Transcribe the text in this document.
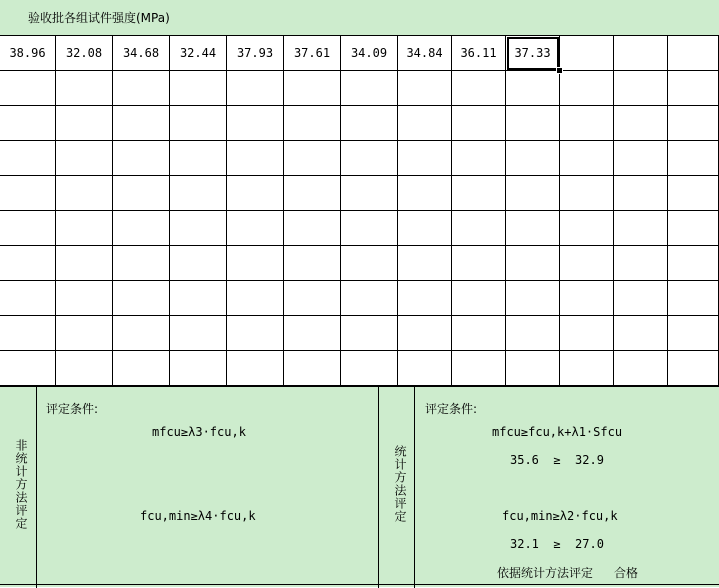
验收批各组试件强度(MPa)
38.96	32.08	34.68	32.44	37.93	37.61	34.09	34.84	36.11	37.33
非统计方法评定
评定条件:
mfcu≥λ3·fcu,k
fcu,min≥λ4·fcu,k	统计方法评定
评定条件:
mfcu≥fcu,k+λ1·Sfcu
35.6  ≥  32.9
fcu,min≥λ2·fcu,k
32.1  ≥  27.0
依据统计方法评定 合格
